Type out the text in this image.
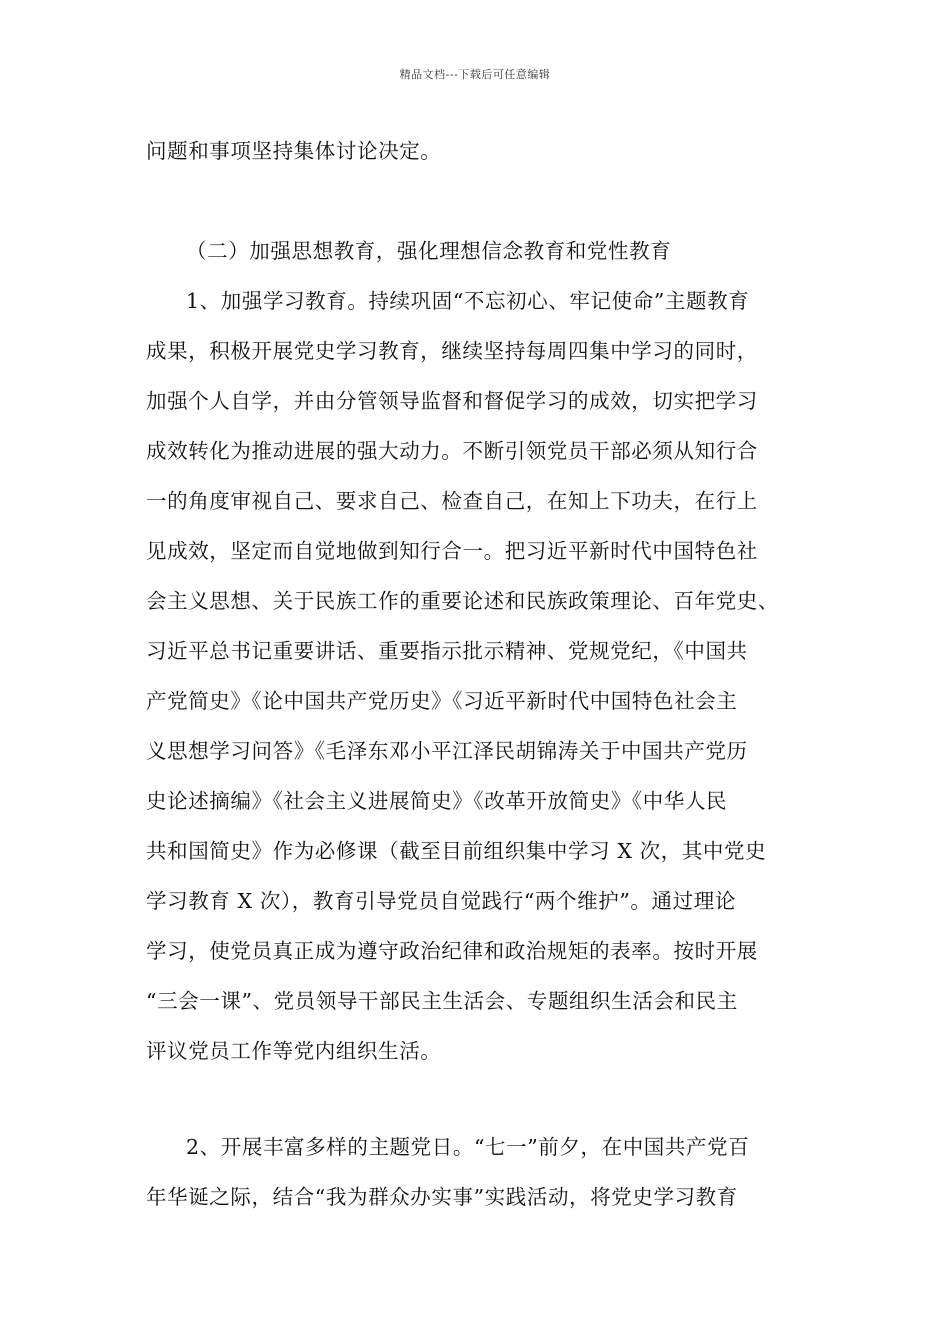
精品文档---下载后可任意编辑
问题和事项坚持集体讨论决定。
（二）加强思想教育，强化理想信念教育和党性教育
1、加强学习教育。持续巩固“不忘初心、牢记使命”主题教育
成果，积极开展党史学习教育，继续坚持每周四集中学习的同时，
加强个人自学，并由分管领导监督和督促学习的成效，切实把学习
成效转化为推动进展的强大动力。不断引领党员干部必须从知行合
一的角度审视自己、要求自己、检查自己，在知上下功夫，在行上
见成效，坚定而自觉地做到知行合一。把习近平新时代中国特色社
会主义思想、关于民族工作的重要论述和民族政策理论、百年党史、
习近平总书记重要讲话、重要指示批示精神、党规党纪，《中国共
产党简史》《论中国共产党历史》《习近平新时代中国特色社会主
义思想学习问答》《毛泽东邓小平江泽民胡锦涛关于中国共产党历
史论述摘编》《社会主义进展简史》《改革开放简史》《中华人民
共和国简史》作为必修课（截至目前组织集中学习 X 次，其中党史
学习教育 X 次），教育引导党员自觉践行“两个维护”。通过理论
学习，使党员真正成为遵守政治纪律和政治规矩的表率。按时开展
“三会一课”、党员领导干部民主生活会、专题组织生活会和民主
评议党员工作等党内组织生活。
2、开展丰富多样的主题党日。“七一”前夕，在中国共产党百
年华诞之际，结合“我为群众办实事”实践活动，将党史学习教育
